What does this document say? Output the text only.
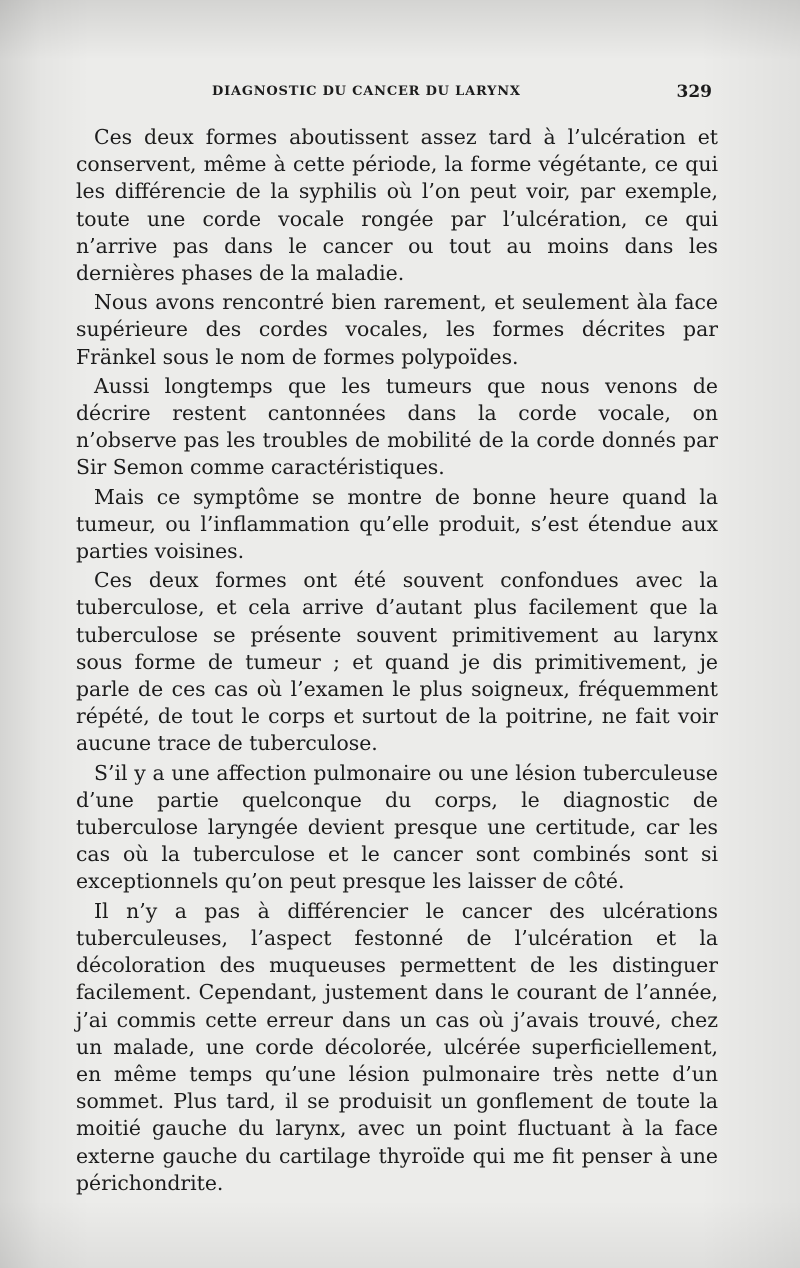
DIAGNOSTIC DU CANCER DU LARYNX	329

Ces deux formes aboutissent assez tard à l’ulcération et conservent, même à cette période, la forme végétante, ce qui les différencie de la syphilis où l’on peut voir, par exemple, toute une corde vocale rongée par l’ulcération, ce qui n’arrive pas dans le cancer ou tout au moins dans les dernières phases de la maladie.

Nous avons rencontré bien rarement, et seulement àla face supérieure des cordes vocales, les formes décrites par Fränkel sous le nom de formes polypoïdes.

Aussi longtemps que les tumeurs que nous venons de décrire restent cantonnées dans la corde vocale, on n’observe pas les troubles de mobilité de la corde donnés par Sir Semon comme caractéristiques.

Mais ce symptôme se montre de bonne heure quand la tumeur, ou l’inflammation qu’elle produit, s’est étendue aux parties voisines.

Ces deux formes ont été souvent confondues avec la tuberculose, et cela arrive d’autant plus facilement que la tuberculose se présente souvent primitivement au larynx sous forme de tumeur ; et quand je dis primitivement, je parle de ces cas où l’examen le plus soigneux, fréquemment répété, de tout le corps et surtout de la poitrine, ne fait voir aucune trace de tuberculose.

S’il y a une affection pulmonaire ou une lésion tuberculeuse d’une partie quelconque du corps, le diagnostic de tuberculose laryngée devient presque une certitude, car les cas où la tuberculose et le cancer sont combinés sont si exceptionnels qu’on peut presque les laisser de côté.

Il n’y a pas à différencier le cancer des ulcérations tuberculeuses, l’aspect festonné de l’ulcération et la décoloration des muqueuses permettent de les distinguer facilement. Cependant, justement dans le courant de l’année, j’ai commis cette erreur dans un cas où j’avais trouvé, chez un malade, une corde décolorée, ulcérée superficiellement, en même temps qu’une lésion pulmonaire très nette d’un sommet. Plus tard, il se produisit un gonflement de toute la moitié gauche du larynx, avec un point fluctuant à la face externe gauche du cartilage thyroïde qui me fit penser à une périchondrite.
